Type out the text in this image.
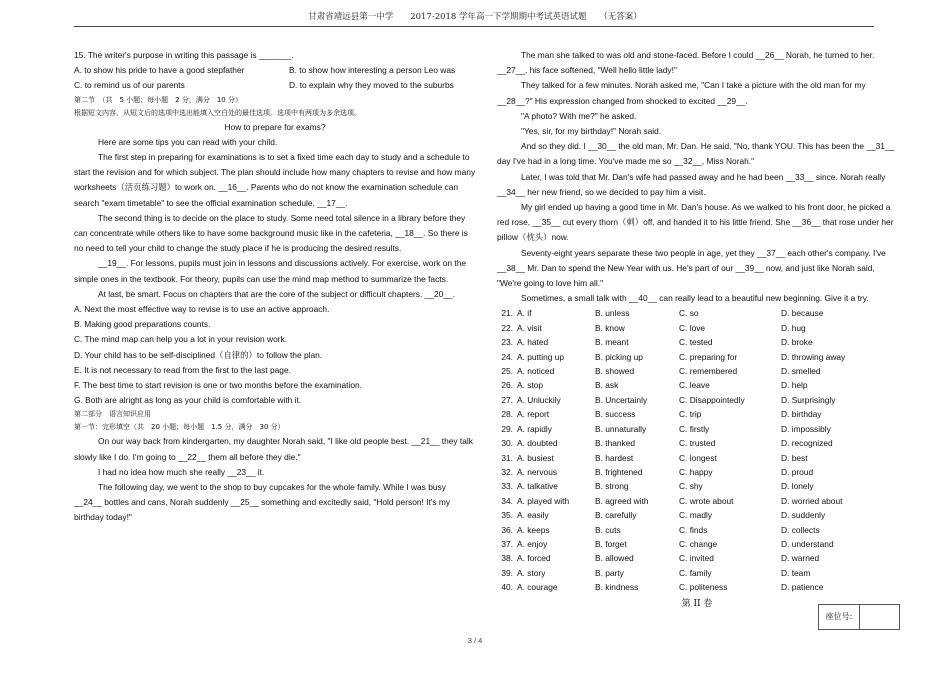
甘肃省靖远县第一中学　　2017-2018 学年高一下学期期中考试英语试题　　（无答案）

15. The writer's purpose in writing this passage is _______.

A. to show his pride to have a good stepfather	B. to show how interesting a person Leo was
C. to remind us of our parents	D. to explain why they moved to the suburbs

第二节　（共　5 小题；每小题　2 分，满分　10 分）

根据短文内容，从短文后的选项中选出能填入空白处的最佳选项。选项中有两项为多余选项。

How to prepare for exams?

Here are some tips you can read with your child.

The first step in preparing for examinations is to set a fixed time each day to study and a schedule to start the revision and for which subject. The plan should include how many chapters to revise and how many worksheets（活页练习题）to work on. __16__. Parents who do not know the examination schedule can search "exam timetable" to see the official examination schedule. __17__.

The second thing is to decide on the place to study. Some need total silence in a library before they can concentrate while others like to have some background music like in the cafeteria, __18__. So there is no need to tell your child to change the study place if he is producing the desired results.

__19__. For lessons, pupils must join in lessons and discussions actively. For exercise, work on the simple ones in the textbook. For theory, pupils can use the mind map method to summarize the facts.

At last, be smart. Focus on chapters that are the core of the subject or difficult chapters. __20__.

A. Next the most effective way to revise is to use an active approach.

B. Making good preparations counts.

C. The mind map can help you a lot in your revision work.

D. Your child has to be self-disciplined（自律的）to follow the plan.

E. It is not necessary to read from the first to the last page.

F. The best time to start revision is one or two months before the examination.

G. Both are alright as long as your child is comfortable with it.

第二部分　语言知识应用

第一节：完形填空（共　20 小题；每小题　1.5 分，满分　30 分）

On our way back from kindergarten, my daughter Norah said, "I like old people best. __21__ they talk slowly like I do. I'm going to __22__ them all before they die."

I had no idea how much she really __23__ it.

The following day, we went to the shop to buy cupcakes for the whole family. While I was busy __24__ bottles and cans, Norah suddenly __25__ something and excitedly said, "Hold person! It's my birthday today!"

The man she talked to was old and stone-faced. Before I could __26__ Norah, he turned to her. __27__, his face softened, "Well hello little lady!"

They talked for a few minutes. Norah asked me, "Can I take a picture with the old man for my __28__?" His expression changed from shocked to excited __29__.

"A photo? With me?" he asked.

"Yes, sir, for my birthday!" Norah said.

And so they did. I __30__ the old man, Mr. Dan. He said, "No, thank YOU. This has been the __31__ day I've had in a long time. You've made me so __32__, Miss Norah."

Later, I was told that Mr. Dan's wife had passed away and he had been __33__ since. Norah really __34__ her new friend, so we decided to pay him a visit.

My girl ended up having a good time in Mr. Dan's house. As we walked to his front door, he picked a red rose, __35__ cut every thorn（刺）off, and handed it to his little friend. She __36__ that rose under her pillow（枕头）now.

Seventy-eight years separate these two people in age, yet they __37__ each other's company. I've __38__ Mr. Dan to spend the New Year with us. He's part of our __39__ now, and just like Norah said, "We're going to love him all."

Sometimes, a small talk with __40__ can really lead to a beautiful new beginning. Give it a try.

21. A. if	B. unless	C. so	D. because
22. A. visit	B. know	C. love	D. hug
23. A. hated	B. meant	C. tested	D. broke
24. A. putting up	B. picking up	C. preparing for	D. throwing away
25. A. noticed	B. showed	C. remembered	D. smelled
26. A. stop	B. ask	C. leave	D. help
27. A. Unluckily	B. Uncertainly	C. Disappointedly	D. Surprisingly
28. A. report	B. success	C. trip	D. birthday
29. A. rapidly	B. unnaturally	C. firstly	D. impossibly
30. A. doubted	B. thanked	C. trusted	D. recognized
31. A. busiest	B. hardest	C. longest	D. best
32. A. nervous	B. frightened	C. happy	D. proud
33. A. talkative	B. strong	C. shy	D. lonely
34. A. played with	B. agreed with	C. wrote about	D. worried about
35. A. easily	B. carefully	C. madly	D. suddenly
36. A. keeps	B. cuts	C. finds	D. collects
37. A. enjoy	B. forget	C. change	D. understand
38. A. forced	B. allowed	C. invited	D. warned
39. A. story	B. party	C. family	D. team
40. A. courage	B. kindness	C. politeness	D. patience
第 II 卷
座位号:
3 / 4
